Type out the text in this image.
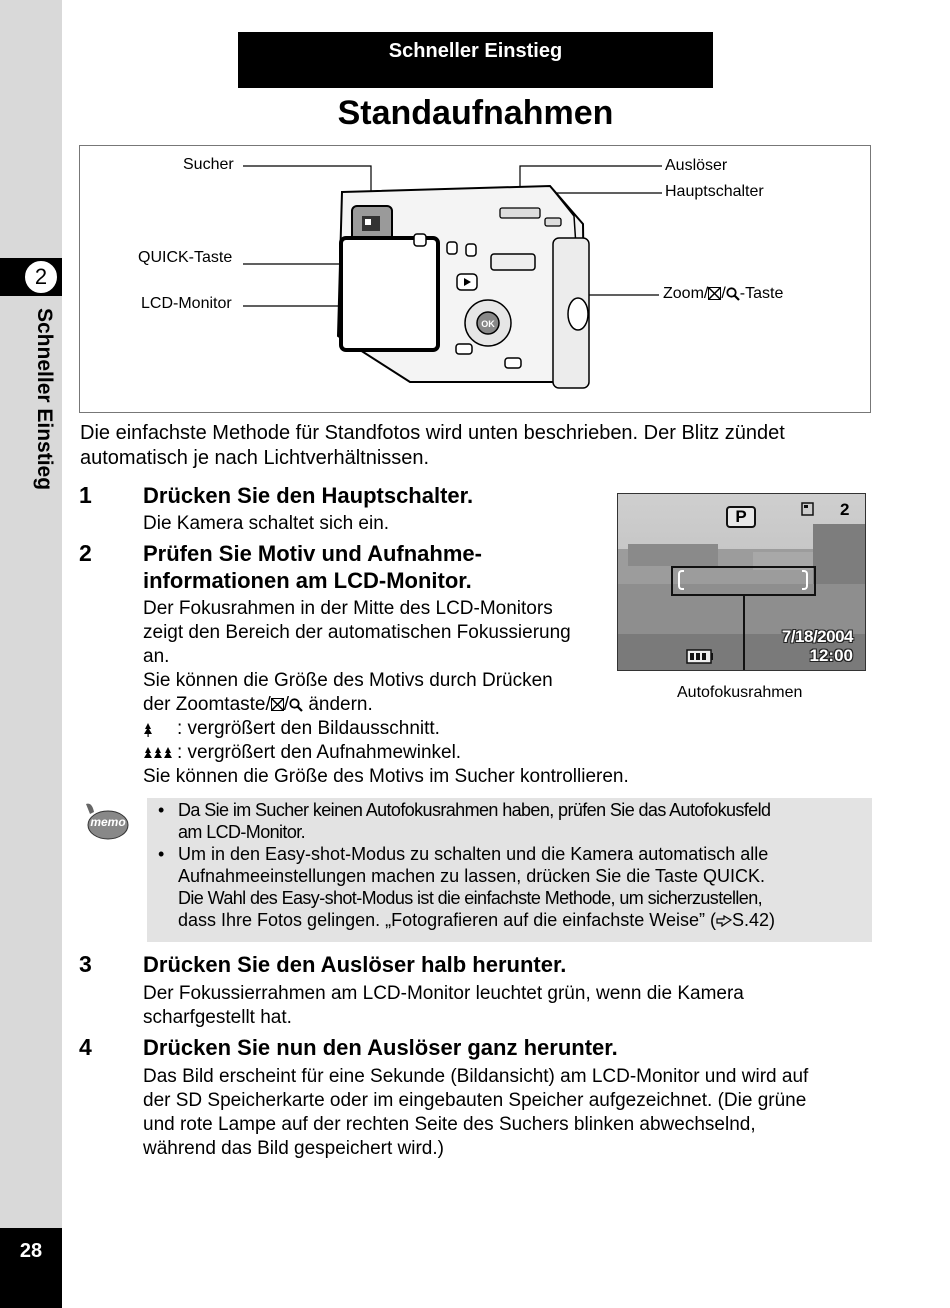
2
Schneller Einstieg
28
Schneller Einstieg
Standaufnahmen
OK
Sucher
QUICK-Taste
LCD-Monitor
Auslöser
Hauptschalter
Zoom/ / -Taste
Die einfachste Methode für Standfotos wird unten beschrieben. Der Blitz zündet automatisch je nach Lichtverhältnissen.
1 Drücken Sie den Hauptschalter.
Die Kamera schaltet sich ein.
2 Prüfen Sie Motiv und Aufnahme-
informationen am LCD-Monitor.
Der Fokusrahmen in der Mitte des LCD-Monitors
zeigt den Bereich der automatischen Fokussierung
an.
Sie können die Größe des Motivs durch Drücken
der Zoomtaste/ / ändern.
: vergrößert den Bildausschnitt.
: vergrößert den Aufnahmewinkel.
Sie können die Größe des Motivs im Sucher kontrollieren.
P	2
7/18/2004
12:00
Autofokusrahmen
memo
• Da Sie im Sucher keinen Autofokusrahmen haben, prüfen Sie das Autofokusfeld
am LCD-Monitor.
• Um in den Easy-shot-Modus zu schalten und die Kamera automatisch alle
Aufnahmeeinstellungen machen zu lassen, drücken Sie die Taste QUICK.
Die Wahl des Easy-shot-Modus ist die einfachste Methode, um sicherzustellen,
dass Ihre Fotos gelingen. „Fotografieren auf die einfachste Weise” ( S.42)
3 Drücken Sie den Auslöser halb herunter.
Der Fokussierrahmen am LCD-Monitor leuchtet grün, wenn die Kamera
scharfgestellt hat.
4 Drücken Sie nun den Auslöser ganz herunter.
Das Bild erscheint für eine Sekunde (Bildansicht) am LCD-Monitor und wird auf
der SD Speicherkarte oder im eingebauten Speicher aufgezeichnet. (Die grüne
und rote Lampe auf der rechten Seite des Suchers blinken abwechselnd,
während das Bild gespeichert wird.)
